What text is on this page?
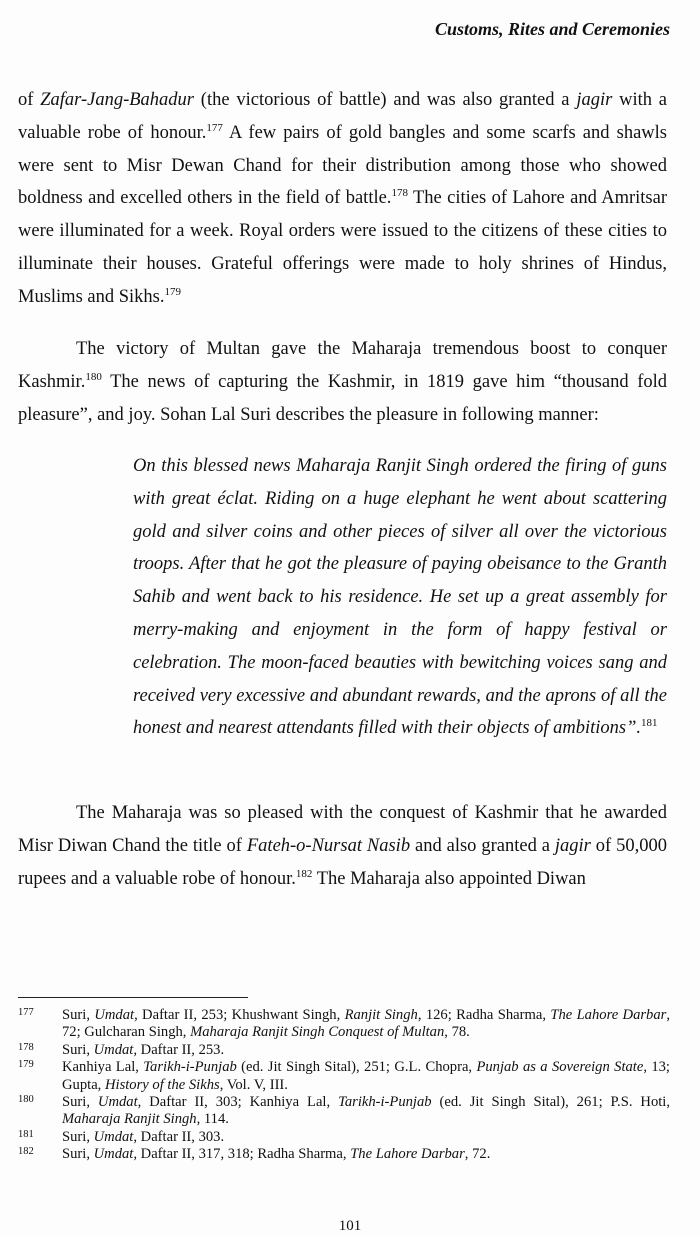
Customs, Rites and Ceremonies

of Zafar-Jang-Bahadur (the victorious of battle) and was also granted a jagir with a valuable robe of honour.$^{177}$ A few pairs of gold bangles and some scarfs and shawls were sent to Misr Dewan Chand for their distribution among those who showed boldness and excelled others in the field of battle.$^{178}$ The cities of Lahore and Amritsar were illuminated for a week. Royal orders were issued to the citizens of these cities to illuminate their houses. Grateful offerings were made to holy shrines of Hindus, Muslims and Sikhs.$^{179}$

The victory of Multan gave the Maharaja tremendous boost to conquer Kashmir.$^{180}$ The news of capturing the Kashmir, in 1819 gave him “thousand fold pleasure”, and joy. Sohan Lal Suri describes the pleasure in following manner:

On this blessed news Maharaja Ranjit Singh ordered the firing of guns with great éclat. Riding on a huge elephant he went about scattering gold and silver coins and other pieces of silver all over the victorious troops. After that he got the pleasure of paying obeisance to the Granth Sahib and went back to his residence. He set up a great assembly for merry-making and enjoyment in the form of happy festival or celebration. The moon-faced beauties with bewitching voices sang and received very excessive and abundant rewards, and the aprons of all the honest and nearest attendants filled with their objects of ambitions”.$^{181}$

The Maharaja was so pleased with the conquest of Kashmir that he awarded Misr Diwan Chand the title of Fateh-o-Nursat Nasib and also granted a jagir of 50,000 rupees and a valuable robe of honour.$^{182}$ The Maharaja also appointed Diwan

177 Suri, Umdat, Daftar II, 253; Khushwant Singh, Ranjit Singh, 126; Radha Sharma, The Lahore Darbar, 72; Gulcharan Singh, Maharaja Ranjit Singh Conquest of Multan, 78.
178 Suri, Umdat, Daftar II, 253.
179 Kanhiya Lal, Tarikh-i-Punjab (ed. Jit Singh Sital), 251; G.L. Chopra, Punjab as a Sovereign State, 13; Gupta, History of the Sikhs, Vol. V, III.
180 Suri, Umdat, Daftar II, 303; Kanhiya Lal, Tarikh-i-Punjab (ed. Jit Singh Sital), 261; P.S. Hoti, Maharaja Ranjit Singh, 114.
181 Suri, Umdat, Daftar II, 303.
182 Suri, Umdat, Daftar II, 317, 318; Radha Sharma, The Lahore Darbar, 72.
101
